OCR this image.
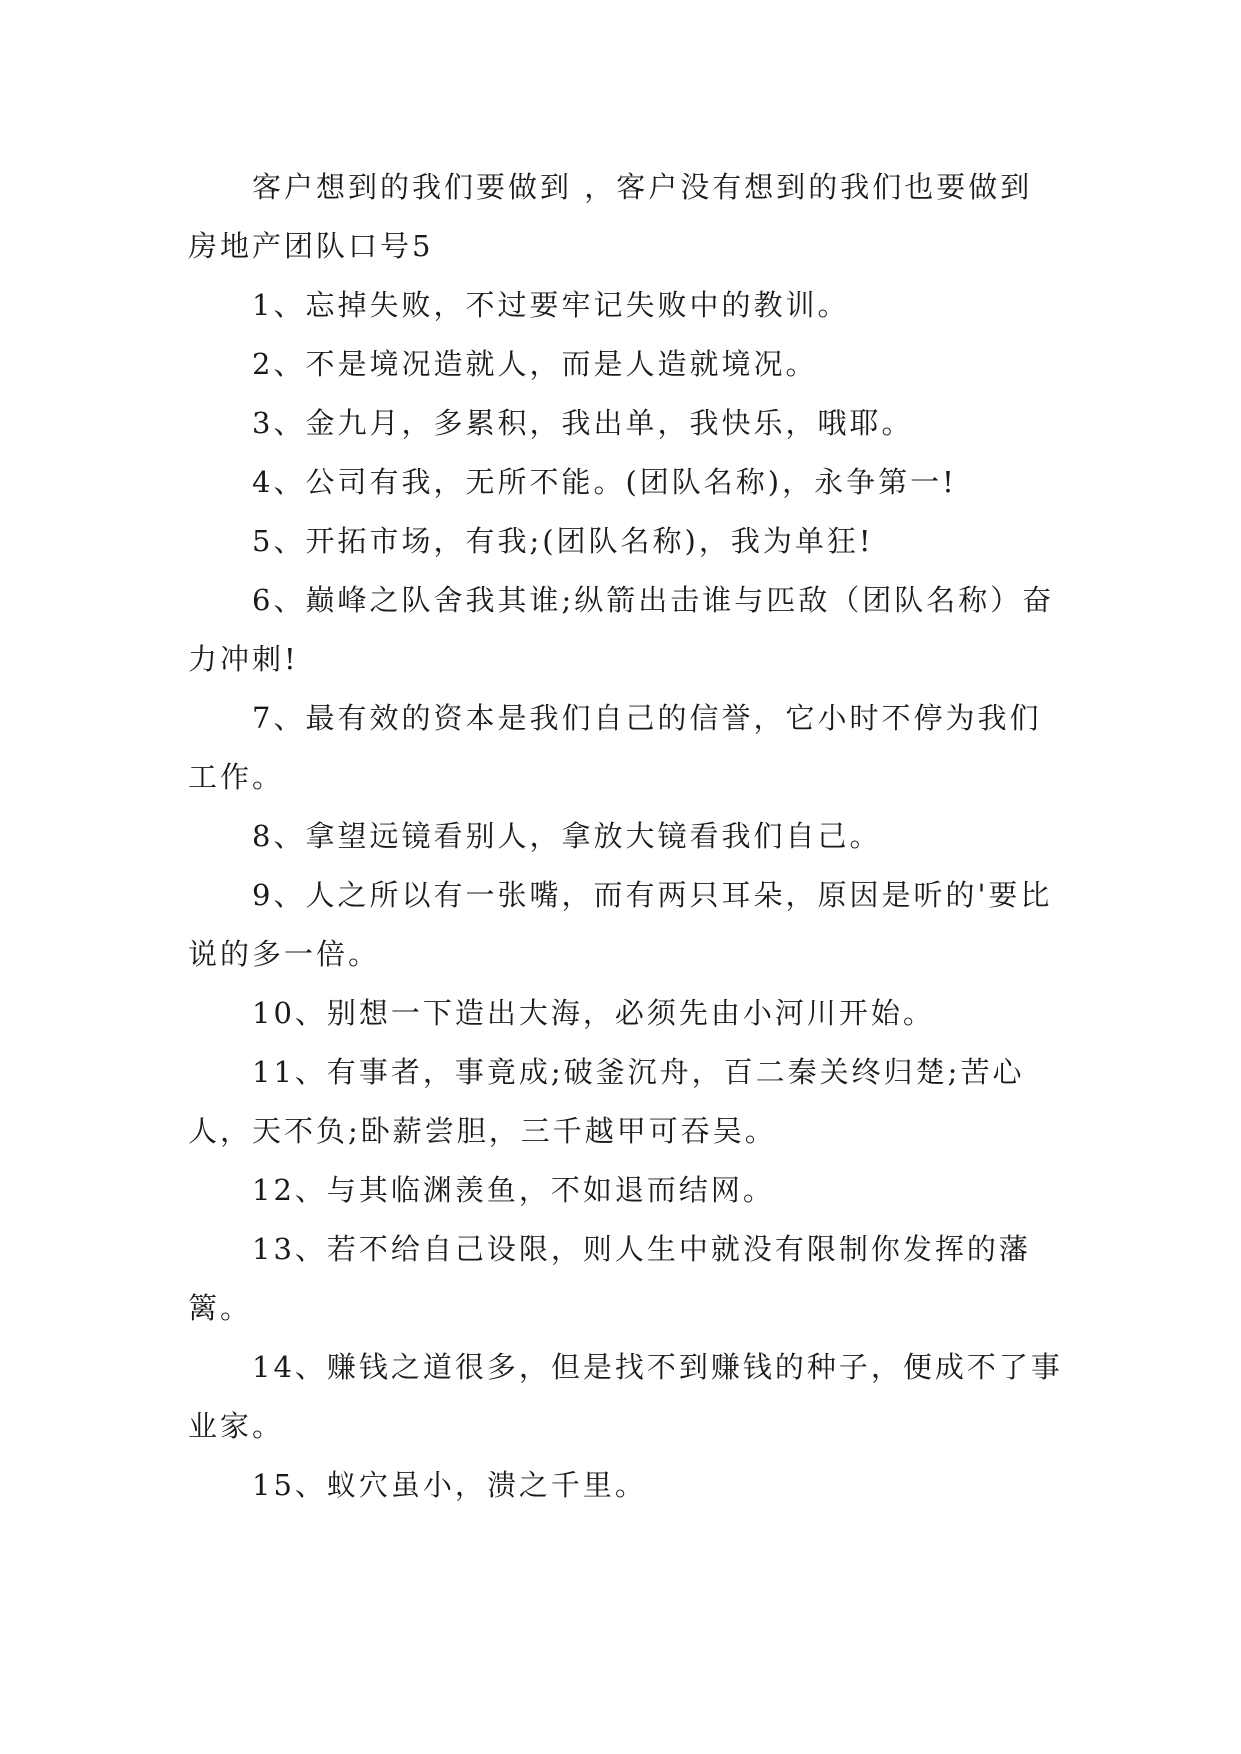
客户想到的我们要做到 ，客户没有想到的我们也要做到

房地产团队口号5

1、忘掉失败，不过要牢记失败中的教训。

2、不是境况造就人，而是人造就境况。

3、金九月，多累积，我出单，我快乐，哦耶。

4、公司有我，无所不能。(团队名称)，永争第一!

5、开拓市场，有我;(团队名称)，我为单狂!

6、巅峰之队舍我其谁;纵箭出击谁与匹敌（团队名称）奋力冲刺!

7、最有效的资本是我们自己的信誉，它小时不停为我们工作。

8、拿望远镜看别人，拿放大镜看我们自己。

9、人之所以有一张嘴，而有两只耳朵，原因是听的'要比说的多一倍。

10、别想一下造出大海，必须先由小河川开始。

11、有事者，事竟成;破釜沉舟，百二秦关终归楚;苦心人，天不负;卧薪尝胆，三千越甲可吞吴。

12、与其临渊羡鱼，不如退而结网。

13、若不给自己设限，则人生中就没有限制你发挥的藩篱。

14、赚钱之道很多，但是找不到赚钱的种子，便成不了事业家。

15、蚁穴虽小，溃之千里。
